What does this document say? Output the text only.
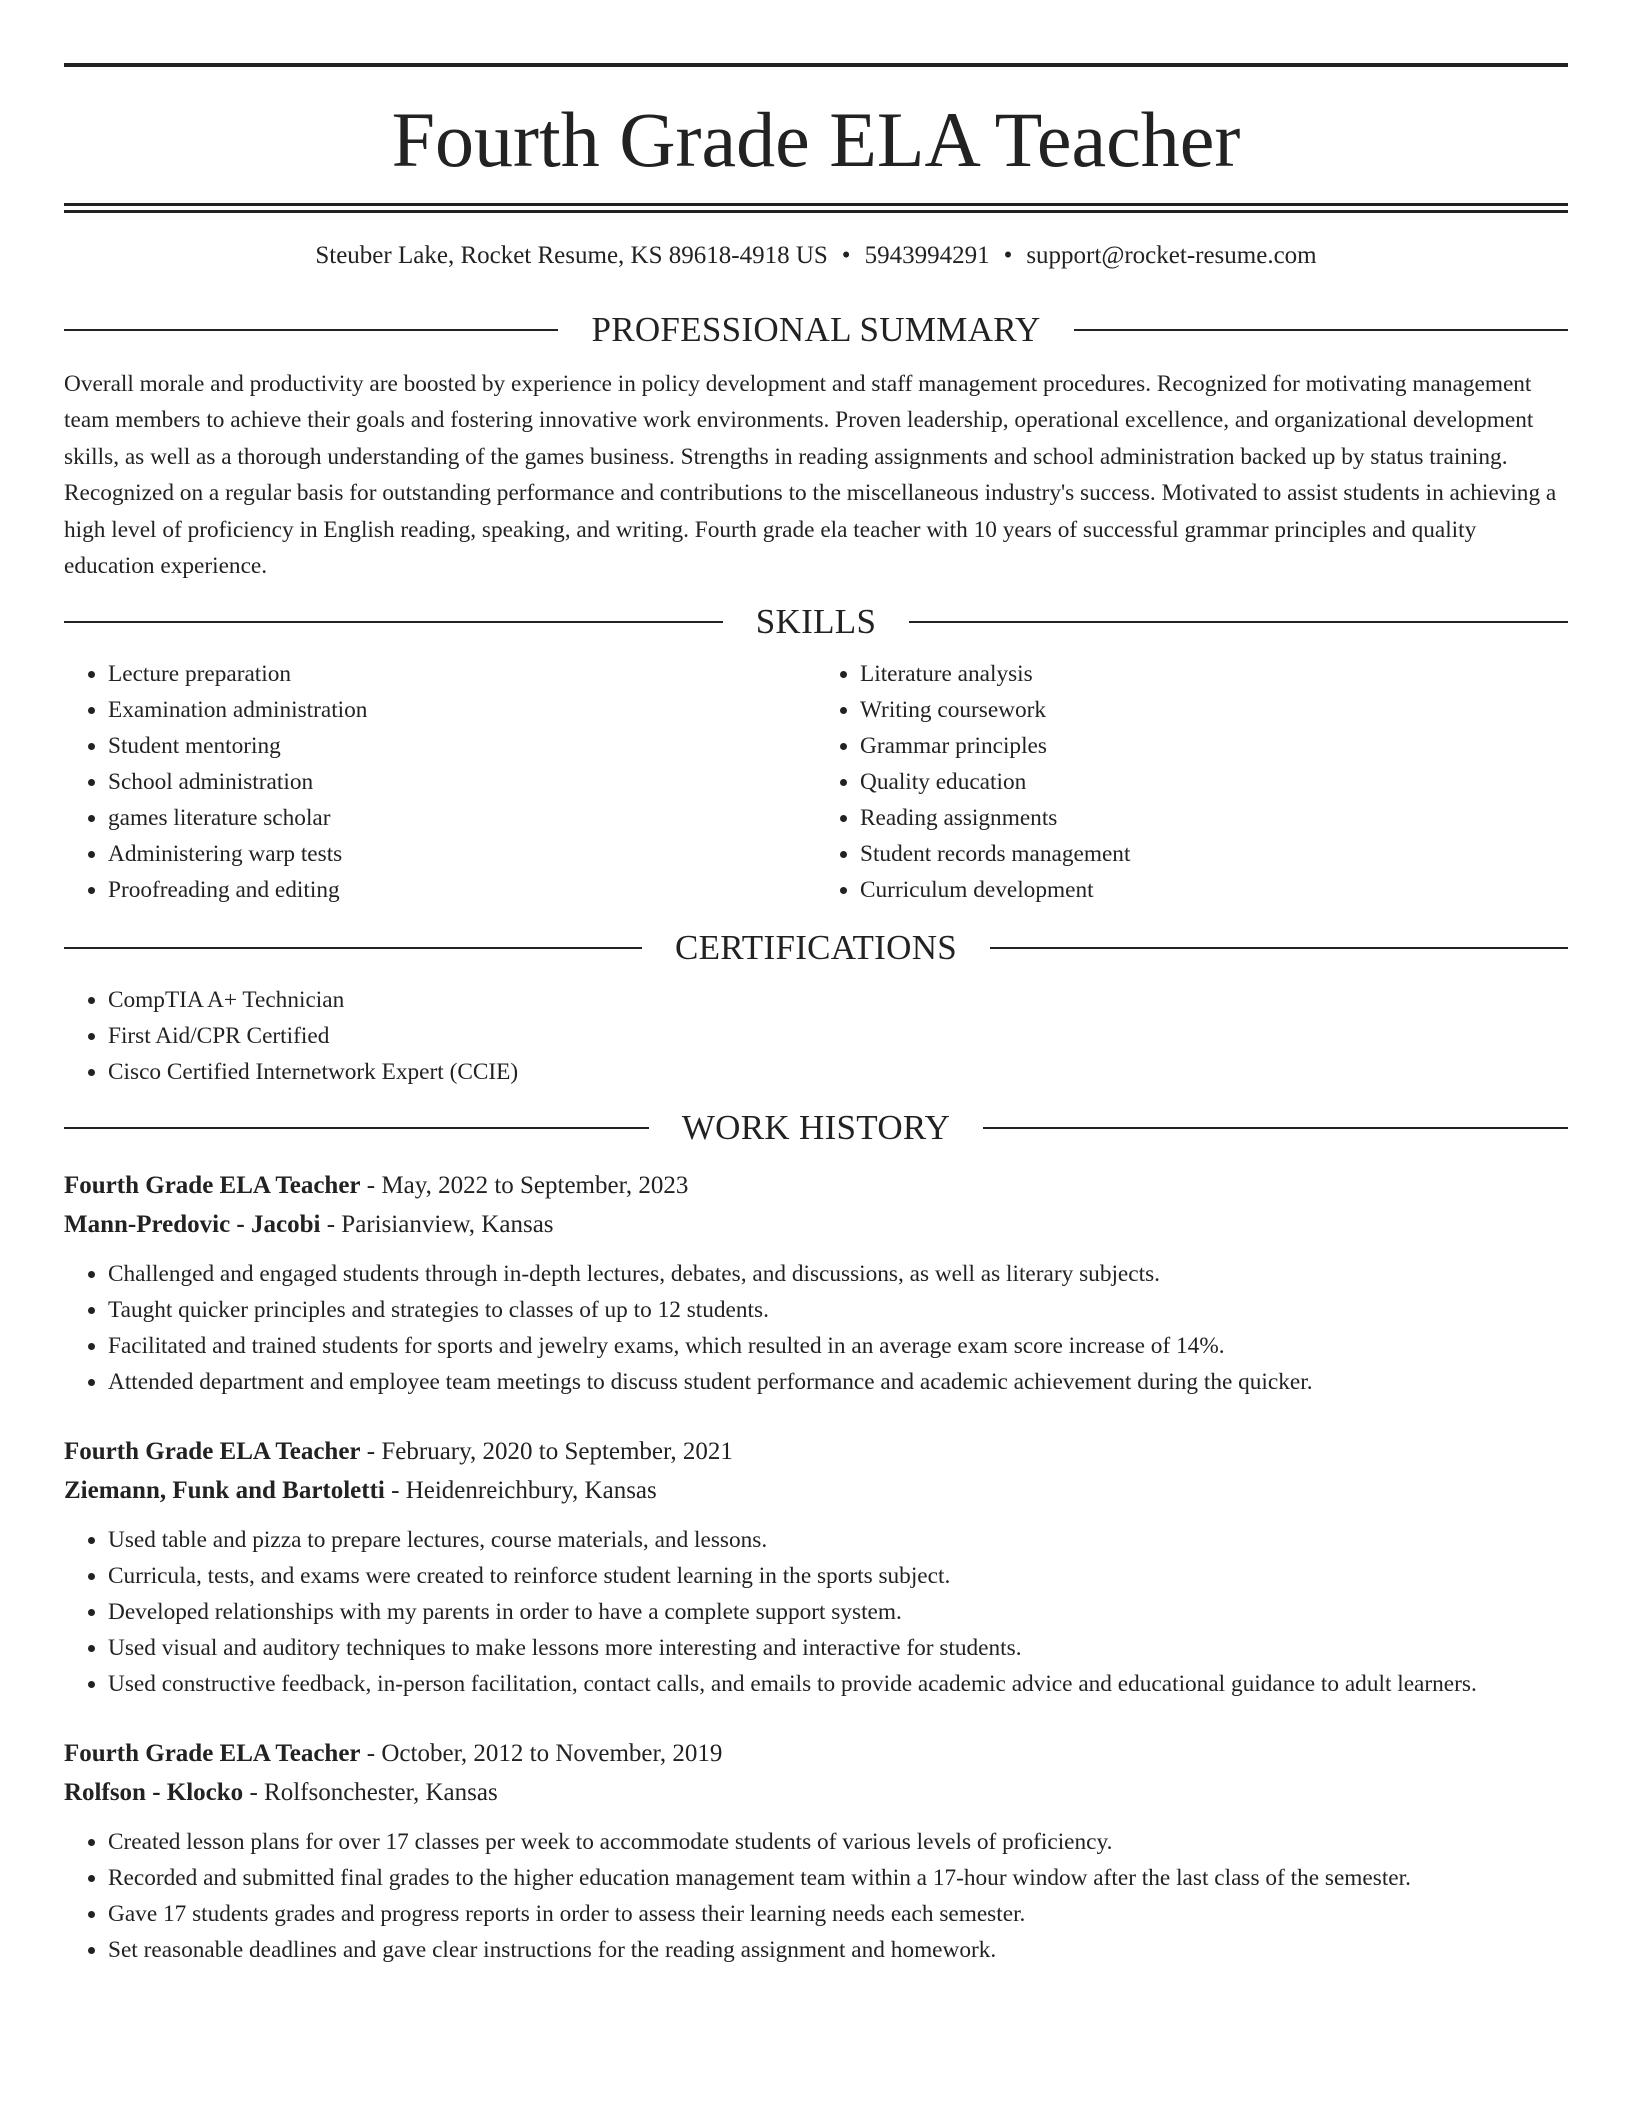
Fourth Grade ELA Teacher
Steuber Lake, Rocket Resume, KS 89618-4918 US • 5943994291 • support@rocket-resume.com
PROFESSIONAL SUMMARY

Overall morale and productivity are boosted by experience in policy development and staff management procedures. Recognized for motivating management team members to achieve their goals and fostering innovative work environments. Proven leadership, operational excellence, and organizational development skills, as well as a thorough understanding of the games business. Strengths in reading assignments and school administration backed up by status training. Recognized on a regular basis for outstanding performance and contributions to the miscellaneous industry's success. Motivated to assist students in achieving a high level of proficiency in English reading, speaking, and writing. Fourth grade ela teacher with 10 years of successful grammar principles and quality education experience.

SKILLS
• Lecture preparation
• Examination administration
• Student mentoring
• School administration
• games literature scholar
• Administering warp tests
• Proofreading and editing
• Literature analysis
• Writing coursework
• Grammar principles
• Quality education
• Reading assignments
• Student records management
• Curriculum development
CERTIFICATIONS
• CompTIA A+ Technician
• First Aid/CPR Certified
• Cisco Certified Internetwork Expert (CCIE)
WORK HISTORY
Fourth Grade ELA Teacher - May, 2022 to September, 2023
Mann-Predovic - Jacobi - Parisianview, Kansas
• Challenged and engaged students through in-depth lectures, debates, and discussions, as well as literary subjects.
• Taught quicker principles and strategies to classes of up to 12 students.
• Facilitated and trained students for sports and jewelry exams, which resulted in an average exam score increase of 14%.
• Attended department and employee team meetings to discuss student performance and academic achievement during the quicker.
Fourth Grade ELA Teacher - February, 2020 to September, 2021
Ziemann, Funk and Bartoletti - Heidenreichbury, Kansas
• Used table and pizza to prepare lectures, course materials, and lessons.
• Curricula, tests, and exams were created to reinforce student learning in the sports subject.
• Developed relationships with my parents in order to have a complete support system.
• Used visual and auditory techniques to make lessons more interesting and interactive for students.
• Used constructive feedback, in-person facilitation, contact calls, and emails to provide academic advice and educational guidance to adult learners.
Fourth Grade ELA Teacher - October, 2012 to November, 2019
Rolfson - Klocko - Rolfsonchester, Kansas
• Created lesson plans for over 17 classes per week to accommodate students of various levels of proficiency.
• Recorded and submitted final grades to the higher education management team within a 17-hour window after the last class of the semester.
• Gave 17 students grades and progress reports in order to assess their learning needs each semester.
• Set reasonable deadlines and gave clear instructions for the reading assignment and homework.
